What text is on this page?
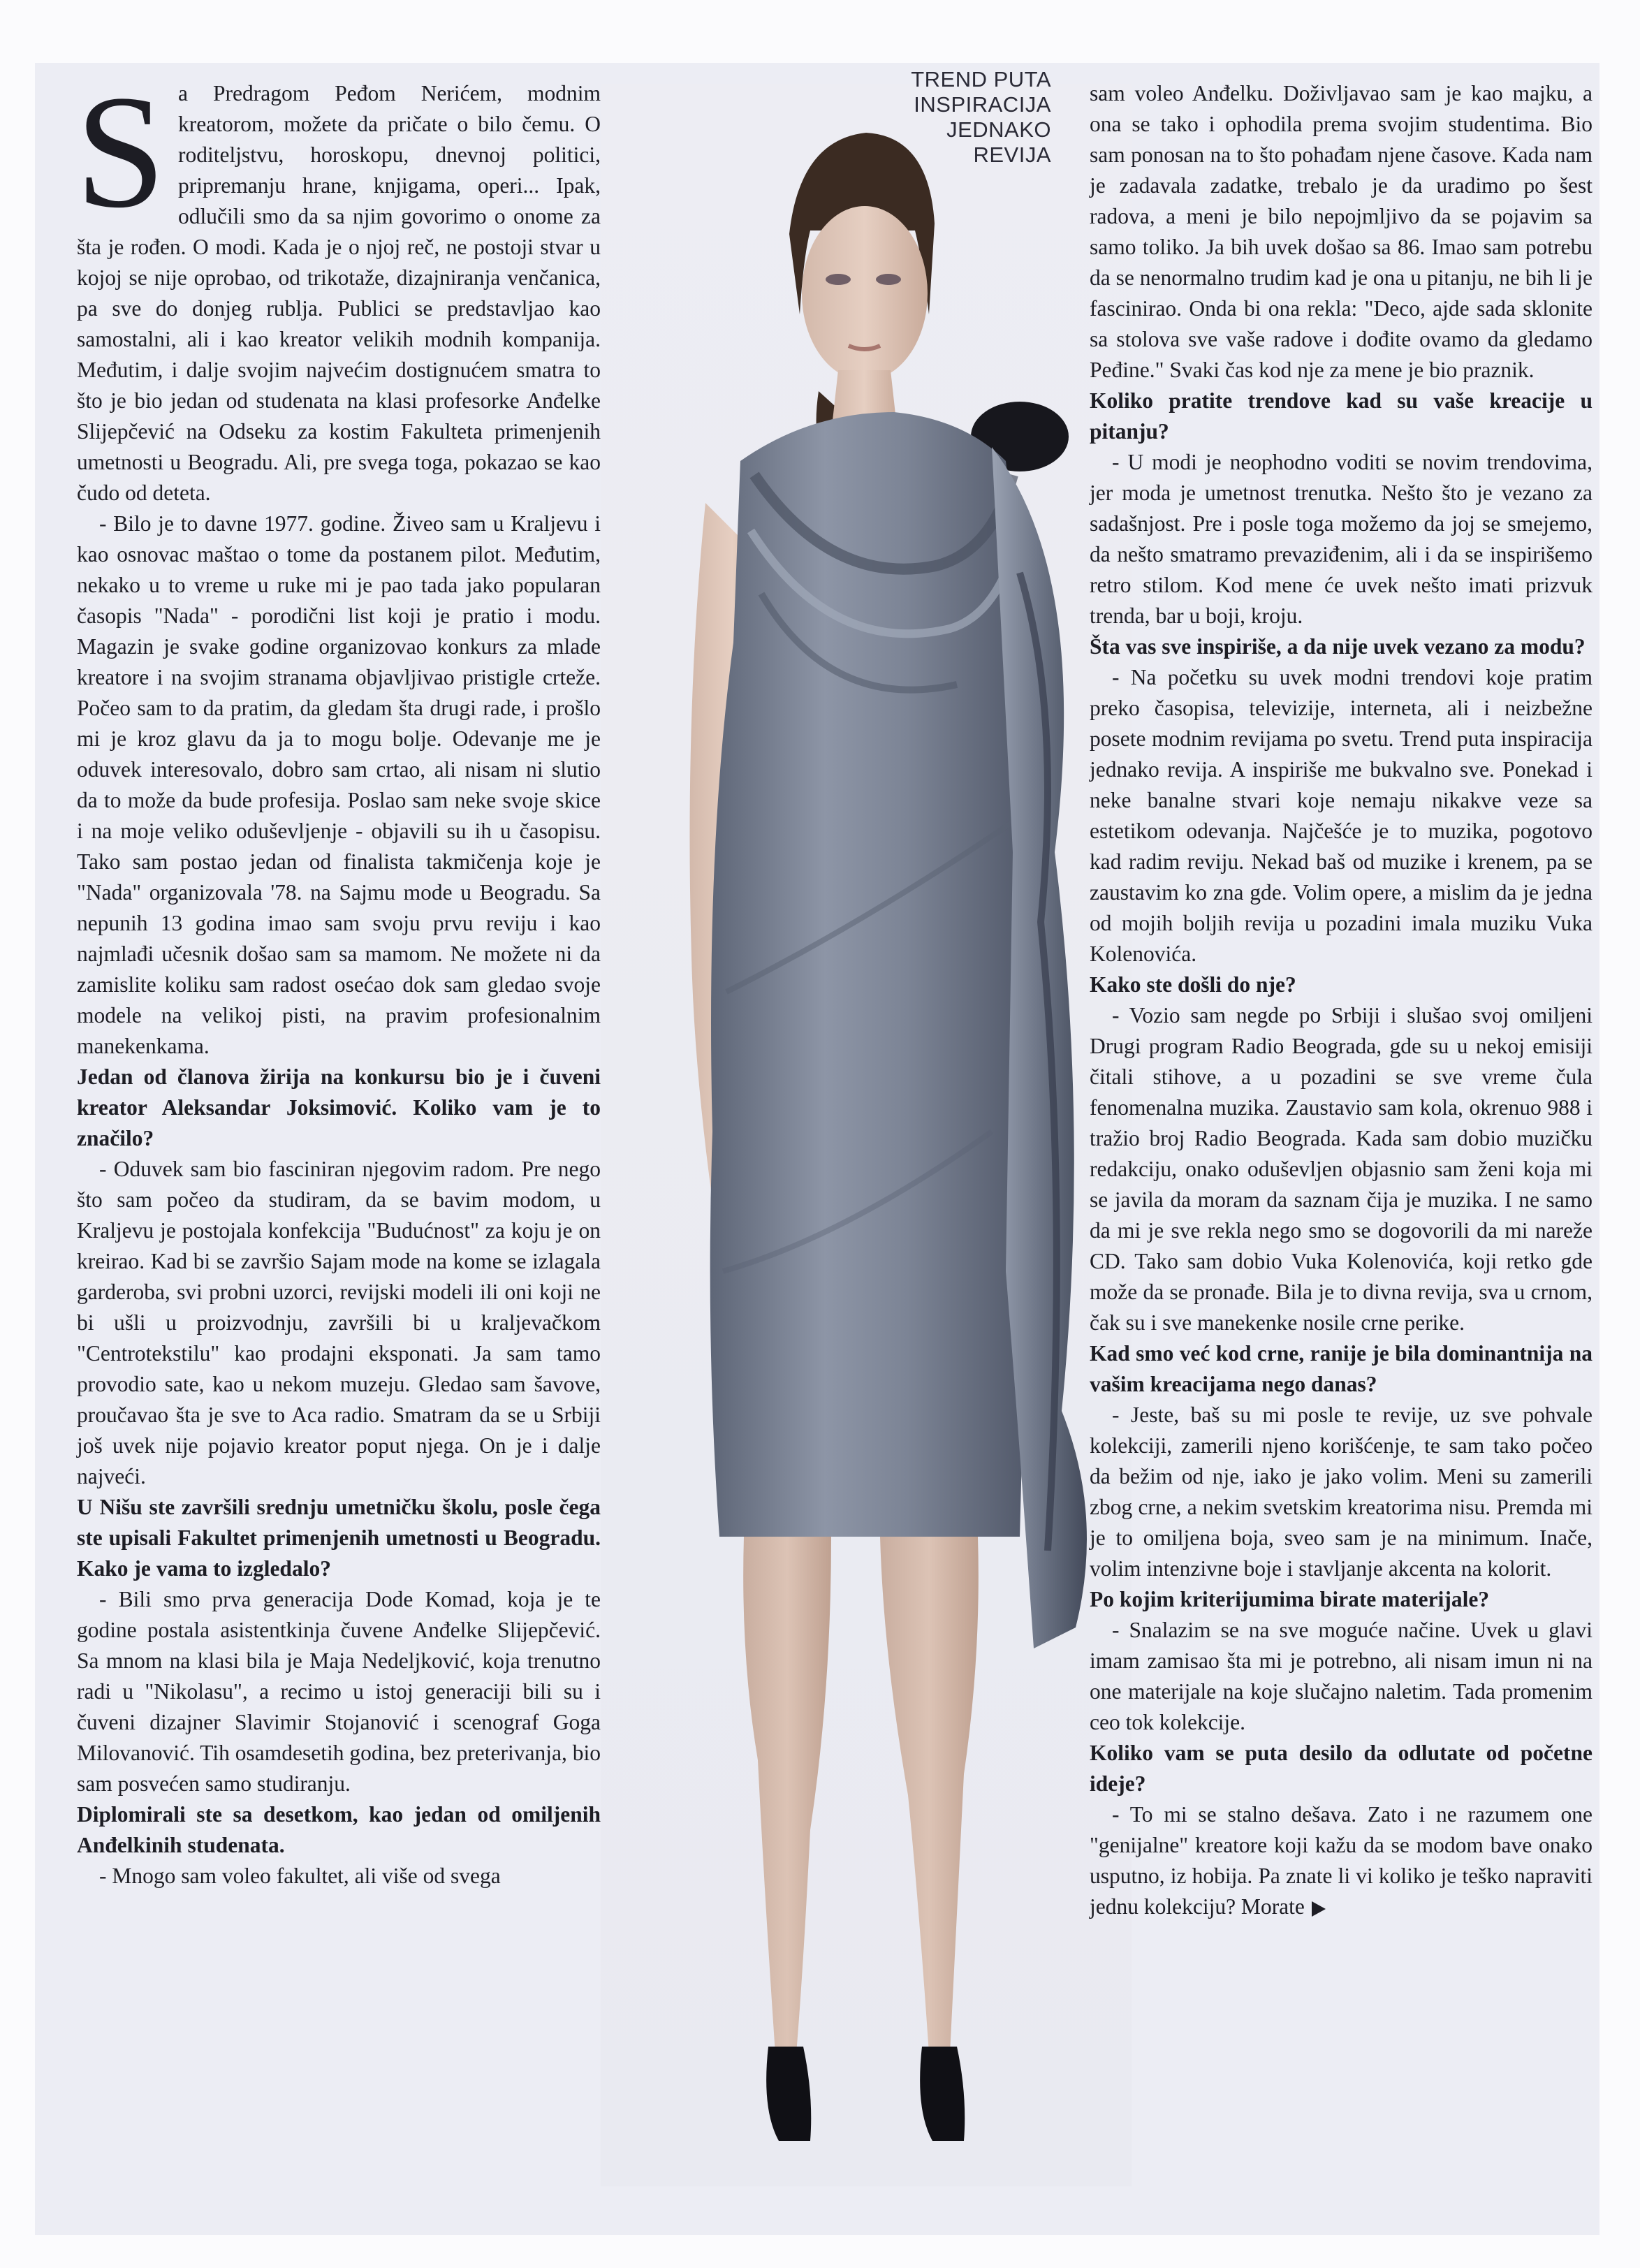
TREND PUTA
INSPIRACIJA
JEDNAKO
REVIJA

S a Predragom Peđom Nerićem, modnim kreatorom, možete da pričate o bilo čemu. O roditeljstvu, horoskopu, dnevnoj politici, pripremanju hrane, knjigama, operi... Ipak, odlučili smo da sa njim govorimo o onome za šta je rođen. O modi. Kada je o njoj reč, ne postoji stvar u kojoj se nije oprobao, od trikotaže, dizajniranja venčanica, pa sve do donjeg rublja. Publici se predstavljao kao samostalni, ali i kao kreator velikih modnih kompanija. Međutim, i dalje svojim najvećim dostignućem smatra to što je bio jedan od studenata na klasi profesorke Anđelke Slijepčević na Odseku za kostim Fakulteta primenjenih umetnosti u Beogradu. Ali, pre svega toga, pokazao se kao čudo od deteta.

- Bilo je to davne 1977. godine. Živeo sam u Kraljevu i kao osnovac maštao o tome da postanem pilot. Međutim, nekako u to vreme u ruke mi je pao tada jako popularan časopis "Nada" - porodični list koji je pratio i modu. Magazin je svake godine organizovao konkurs za mlade kreatore i na svojim stranama objavljivao pristigle crteže. Počeo sam to da pratim, da gledam šta drugi rade, i prošlo mi je kroz glavu da ja to mogu bolje. Odevanje me je oduvek interesovalo, dobro sam crtao, ali nisam ni slutio da to može da bude profesija. Poslao sam neke svoje skice i na moje veliko oduševljenje - objavili su ih u časopisu. Tako sam postao jedan od finalista takmičenja koje je "Nada" organizovala '78. na Sajmu mode u Beogradu. Sa nepunih 13 godina imao sam svoju prvu reviju i kao najmlađi učesnik došao sam sa mamom. Ne možete ni da zamislite koliku sam radost osećao dok sam gledao svoje modele na velikoj pisti, na pravim profesionalnim manekenkama.

Jedan od članova žirija na konkursu bio je i čuveni kreator Aleksandar Joksimović. Koliko vam je to značilo?

- Oduvek sam bio fasciniran njegovim radom. Pre nego što sam počeo da studiram, da se bavim modom, u Kraljevu je postojala konfekcija "Budućnost" za koju je on kreirao. Kad bi se završio Sajam mode na kome se izlagala garderoba, svi probni uzorci, revijski modeli ili oni koji ne bi ušli u proizvodnju, završili bi u kraljevačkom "Centrotekstilu" kao prodajni eksponati. Ja sam tamo provodio sate, kao u nekom muzeju. Gledao sam šavove, proučavao šta je sve to Aca radio. Smatram da se u Srbiji još uvek nije pojavio kreator poput njega. On je i dalje najveći.

U Nišu ste završili srednju umetničku školu, posle čega ste upisali Fakultet primenjenih umetnosti u Beogradu. Kako je vama to izgledalo?

- Bili smo prva generacija Dode Komad, koja je te godine postala asistentkinja čuvene Anđelke Slijepčević. Sa mnom na klasi bila je Maja Nedeljković, koja trenutno radi u "Nikolasu", a recimo u istoj generaciji bili su i čuveni dizajner Slavimir Stojanović i scenograf Goga Milovanović. Tih osamdesetih godina, bez preterivanja, bio sam posvećen samo studiranju.

Diplomirali ste sa desetkom, kao jedan od omiljenih Anđelkinih studenata.

- Mnogo sam voleo fakultet, ali više od svega

sam voleo Anđelku. Doživljavao sam je kao majku, a ona se tako i ophodila prema svojim studentima. Bio sam ponosan na to što pohađam njene časove. Kada nam je zadavala zadatke, trebalo je da uradimo po šest radova, a meni je bilo nepojmljivo da se pojavim sa samo toliko. Ja bih uvek došao sa 86. Imao sam potrebu da se nenormalno trudim kad je ona u pitanju, ne bih li je fascinirao. Onda bi ona rekla: "Deco, ajde sada sklonite sa stolova sve vaše radove i dođite ovamo da gledamo Peđine." Svaki čas kod nje za mene je bio praznik.

Koliko pratite trendove kad su vaše kreacije u pitanju?

- U modi je neophodno voditi se novim trendovima, jer moda je umetnost trenutka. Nešto što je vezano za sadašnjost. Pre i posle toga možemo da joj se smejemo, da nešto smatramo prevaziđenim, ali i da se inspirišemo retro stilom. Kod mene će uvek nešto imati prizvuk trenda, bar u boji, kroju.

Šta vas sve inspiriše, a da nije uvek vezano za modu?

- Na početku su uvek modni trendovi koje pratim preko časopisa, televizije, interneta, ali i neizbežne posete modnim revijama po svetu. Trend puta inspiracija jednako revija. A inspiriše me bukvalno sve. Ponekad i neke banalne stvari koje nemaju nikakve veze sa estetikom odevanja. Najčešće je to muzika, pogotovo kad radim reviju. Nekad baš od muzike i krenem, pa se zaustavim ko zna gde. Volim opere, a mislim da je jedna od mojih boljih revija u pozadini imala muziku Vuka Kolenovića.

Kako ste došli do nje?

- Vozio sam negde po Srbiji i slušao svoj omiljeni Drugi program Radio Beograda, gde su u nekoj emisiji čitali stihove, a u pozadini se sve vreme čula fenomenalna muzika. Zaustavio sam kola, okrenuo 988 i tražio broj Radio Beograda. Kada sam dobio muzičku redakciju, onako oduševljen objasnio sam ženi koja mi se javila da moram da saznam čija je muzika. I ne samo da mi je sve rekla nego smo se dogovorili da mi nareže CD. Tako sam dobio Vuka Kolenovića, koji retko gde može da se pronađe. Bila je to divna revija, sva u crnom, čak su i sve manekenke nosile crne perike.

Kad smo već kod crne, ranije je bila dominantnija na vašim kreacijama nego danas?

- Jeste, baš su mi posle te revije, uz sve pohvale kolekciji, zamerili njeno korišćenje, te sam tako počeo da bežim od nje, iako je jako volim. Meni su zamerili zbog crne, a nekim svetskim kreatorima nisu. Premda mi je to omiljena boja, sveo sam je na minimum. Inače, volim intenzivne boje i stavljanje akcenta na kolorit.

Po kojim kriterijumima birate materijale?

- Snalazim se na sve moguće načine. Uvek u glavi imam zamisao šta mi je potrebno, ali nisam imun ni na one materijale na koje slučajno naletim. Tada promenim ceo tok kolekcije.

Koliko vam se puta desilo da odlutate od početne ideje?

- To mi se stalno dešava. Zato i ne razumem one "genijalne" kreatore koji kažu da se modom bave onako usputno, iz hobija. Pa znate li vi koliko je teško napraviti jednu kolekciju? Morate
